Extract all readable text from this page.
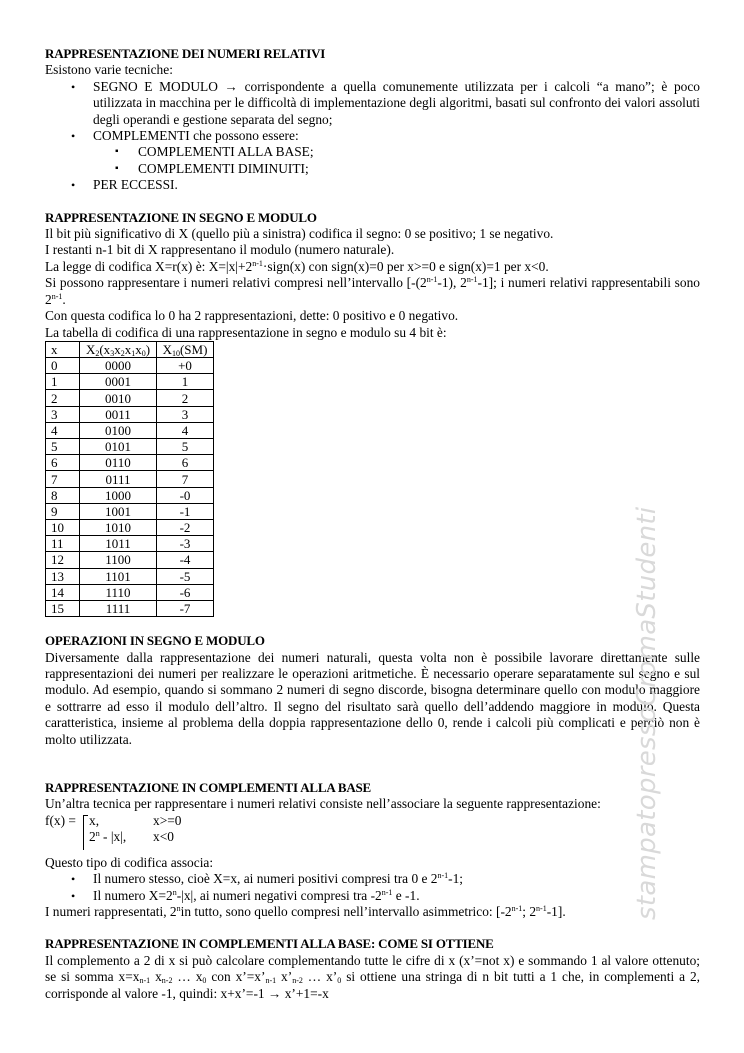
RAPPRESENTAZIONE DEI NUMERI RELATIVI

Esistono varie tecniche:

• SEGNO E MODULO → corrispondente a quella comunemente utilizzata per i calcoli “a mano”; è poco utilizzata in macchina per le difficoltà di implementazione degli algoritmi, basati sul confronto dei valori assoluti degli operandi e gestione separata del segno;
• COMPLEMENTI che possono essere:
▪ COMPLEMENTI ALLA BASE;
▪ COMPLEMENTI DIMINUITI;
• PER ECCESSI.

RAPPRESENTAZIONE IN SEGNO E MODULO

Il bit più significativo di X (quello più a sinistra) codifica il segno: 0 se positivo; 1 se negativo.

I restanti n-1 bit di X rappresentano il modulo (numero naturale).

La legge di codifica X=r(x) è: $X=|x|+2^{n-1}\cdot sign(x)$ con sign(x)=0 per x>=0 e sign(x)=1 per x<0.

Si possono rappresentare i numeri relativi compresi nell’intervallo [-(2$^{n-1}$-1), 2$^{n-1}$-1]; i numeri relativi rappresentabili sono 2$^{n-1}$.

Con questa codifica lo 0 ha 2 rappresentazioni, dette: 0 positivo e 0 negativo.

La tabella di codifica di una rappresentazione in segno e modulo su 4 bit è:

x	$X_2(x_3x_2x_1x_0)$	$X_{10}(SM)$
0	0000	+0
1	0001	1
2	0010	2
3	0011	3
4	0100	4
5	0101	5
6	0110	6
7	0111	7
8	1000	-0
9	1001	-1
10	1010	-2
11	1011	-3
12	1100	-4
13	1101	-5
14	1110	-6
15	1111	-7

OPERAZIONI IN SEGNO E MODULO

Diversamente dalla rappresentazione dei numeri naturali, questa volta non è possibile lavorare direttamente sulle rappresentazioni dei numeri per realizzare le operazioni aritmetiche. È necessario operare separatamente sul segno e sul modulo. Ad esempio, quando si sommano 2 numeri di segno discorde, bisogna determinare quello con modulo maggiore e sottrarre ad esso il modulo dell’altro. Il segno del risultato sarà quello dell’addendo maggiore in modulo. Questa caratteristica, insieme al problema della doppia rappresentazione dello 0, rende i calcoli più complicati e perciò non è molto utilizzata.

RAPPRESENTAZIONE IN COMPLEMENTI ALLA BASE

Un’altra tecnica per rappresentare i numeri relativi consiste nell’associare la seguente rappresentazione:

f(x) = x,	x>=0
2$^n$ - |x|, x<0

Questo tipo di codifica associa:

• Il numero stesso, cioè X=x, ai numeri positivi compresi tra 0 e 2$^{n-1}$-1;
• Il numero $X=2^n-|x|$, ai numeri negativi compresi tra -2$^{n-1}$ e -1.

I numeri rappresentati, 2$^n$in tutto, sono quello compresi nell’intervallo asimmetrico: [-2$^{n-1}$; 2$^{n-1}$-1].

RAPPRESENTAZIONE IN COMPLEMENTI ALLA BASE: COME SI OTTIENE

Il complemento a 2 di x si può calcolare complementando tutte le cifre di x (x’=not x) e sommando 1 al valore ottenuto; se si somma $x=x_{n-1}$ $x_{n-2}$ … $x_0$ con $x’=x’_{n-1}$ $x’_{n-2}$ … $x’_0$ si ottiene una stringa di n bit tutti a 1 che, in complementi a 2, corrisponde al valore -1, quindi: x+x’=-1 → x’+1=-x

stampatopressoCromaStudenti
